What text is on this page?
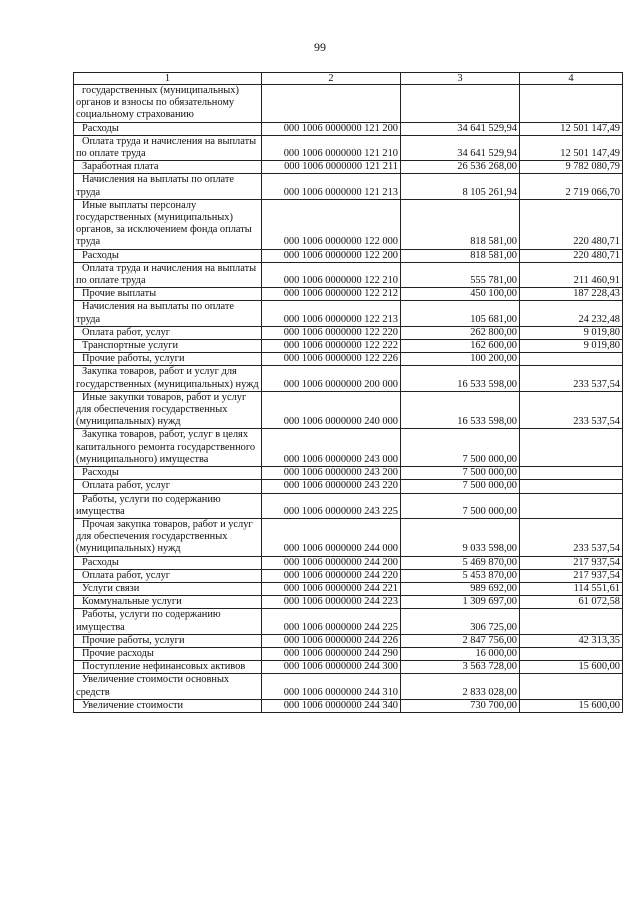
99
1	2	3	4

государственных (муниципальных) органов и взносы по обязательному социальному страхованию			

Расходы	000 1006 0000000 121 200	34 641 529,94	12 501 147,49

Оплата труда и начисления на выплаты по оплате труда	000 1006 0000000 121 210	34 641 529,94	12 501 147,49

Заработная плата	000 1006 0000000 121 211	26 536 268,00	9 782 080,79

Начисления на выплаты по оплате труда	000 1006 0000000 121 213	8 105 261,94	2 719 066,70

Иные выплаты персоналу государственных (муниципальных) органов, за исключением фонда оплаты труда	000 1006 0000000 122 000	818 581,00	220 480,71

Расходы	000 1006 0000000 122 200	818 581,00	220 480,71

Оплата труда и начисления на выплаты по оплате труда	000 1006 0000000 122 210	555 781,00	211 460,91

Прочие выплаты	000 1006 0000000 122 212	450 100,00	187 228,43

Начисления на выплаты по оплате труда	000 1006 0000000 122 213	105 681,00	24 232,48

Оплата работ, услуг	000 1006 0000000 122 220	262 800,00	9 019,80

Транспортные услуги	000 1006 0000000 122 222	162 600,00	9 019,80

Прочие работы, услуги	000 1006 0000000 122 226	100 200,00	

Закупка товаров, работ и услуг для государственных (муниципальных) нужд	000 1006 0000000 200 000	16 533 598,00	233 537,54

Иные закупки товаров, работ и услуг для обеспечения государственных (муниципальных) нужд	000 1006 0000000 240 000	16 533 598,00	233 537,54

Закупка товаров, работ, услуг в целях капитального ремонта государственного (муниципального) имущества	000 1006 0000000 243 000	7 500 000,00	

Расходы	000 1006 0000000 243 200	7 500 000,00	

Оплата работ, услуг	000 1006 0000000 243 220	7 500 000,00	

Работы, услуги по содержанию имущества	000 1006 0000000 243 225	7 500 000,00	

Прочая закупка товаров, работ и услуг для обеспечения государственных (муниципальных) нужд	000 1006 0000000 244 000	9 033 598,00	233 537,54

Расходы	000 1006 0000000 244 200	5 469 870,00	217 937,54

Оплата работ, услуг	000 1006 0000000 244 220	5 453 870,00	217 937,54

Услуги связи	000 1006 0000000 244 221	989 692,00	114 551,61

Коммунальные услуги	000 1006 0000000 244 223	1 309 697,00	61 072,58

Работы, услуги по содержанию имущества	000 1006 0000000 244 225	306 725,00	

Прочие работы, услуги	000 1006 0000000 244 226	2 847 756,00	42 313,35

Прочие расходы	000 1006 0000000 244 290	16 000,00	

Поступление нефинансовых активов	000 1006 0000000 244 300	3 563 728,00	15 600,00

Увеличение стоимости основных средств	000 1006 0000000 244 310	2 833 028,00	

Увеличение стоимости	000 1006 0000000 244 340	730 700,00	15 600,00
